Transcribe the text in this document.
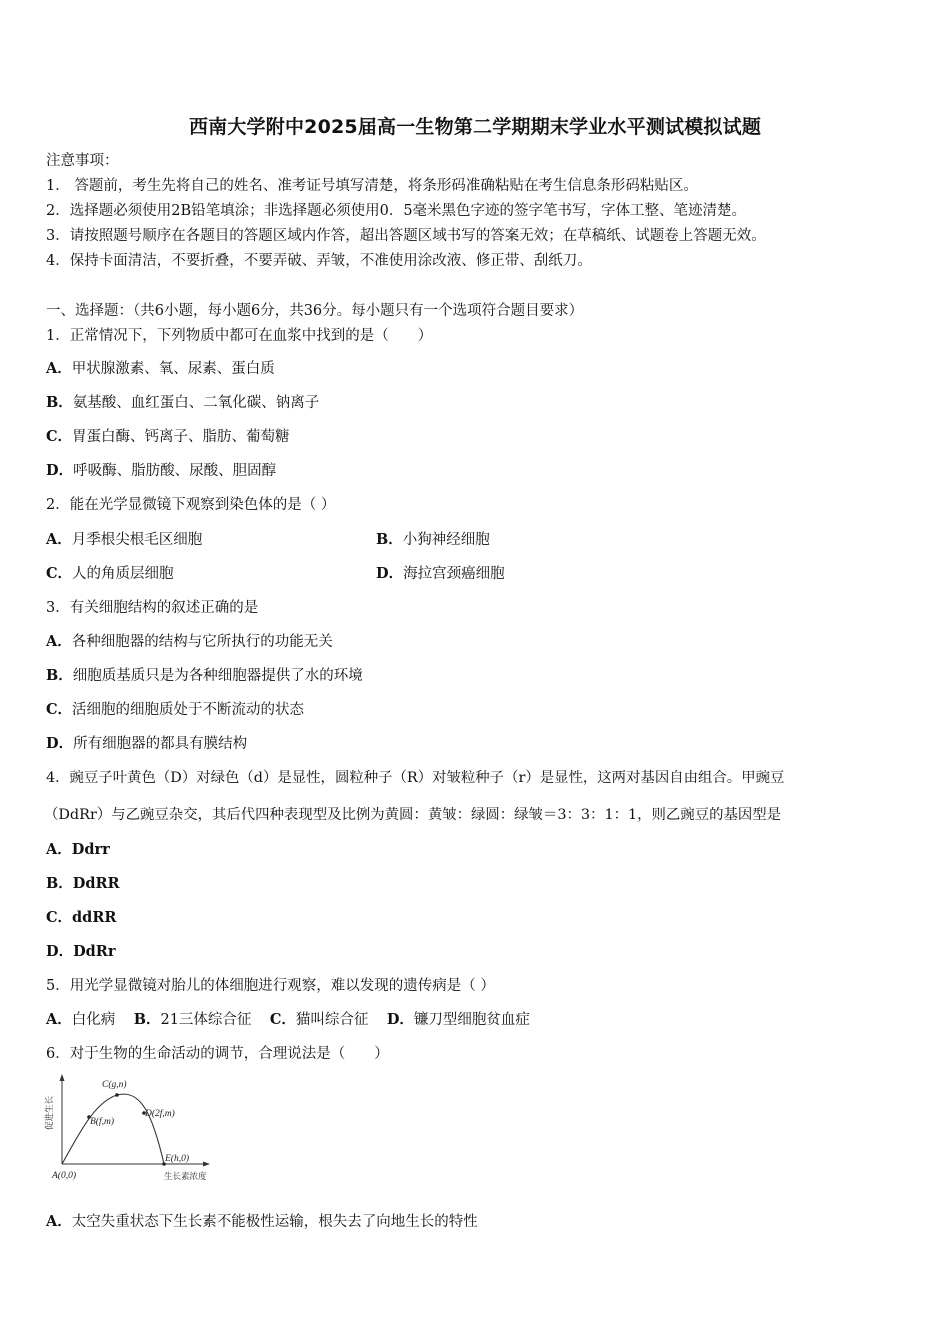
西南大学附中2025届高一生物第二学期期末学业水平测试模拟试题
注意事项：
1． 答题前，考生先将自己的姓名、准考证号填写清楚，将条形码准确粘贴在考生信息条形码粘贴区。
2．选择题必须使用2B铅笔填涂；非选择题必须使用0．5毫米黑色字迹的签字笔书写，字体工整、笔迹清楚。
3．请按照题号顺序在各题目的答题区域内作答，超出答题区域书写的答案无效；在草稿纸、试题卷上答题无效。
4．保持卡面清洁，不要折叠，不要弄破、弄皱，不准使用涂改液、修正带、刮纸刀。
一、选择题：（共6小题，每小题6分，共36分。每小题只有一个选项符合题目要求）
1．正常情况下，下列物质中都可在血浆中找到的是（　　）
A．甲状腺激素、氧、尿素、蛋白质
B．氨基酸、血红蛋白、二氧化碳、钠离子
C．胃蛋白酶、钙离子、脂肪、葡萄糖
D．呼吸酶、脂肪酸、尿酸、胆固醇
2．能在光学显微镜下观察到染色体的是（ ）
A．月季根尖根毛区细胞	B．小狗神经细胞
C．人的角质层细胞	D．海拉宫颈癌细胞
3．有关细胞结构的叙述正确的是
A．各种细胞器的结构与它所执行的功能无关
B．细胞质基质只是为各种细胞器提供了水的环境
C．活细胞的细胞质处于不断流动的状态
D．所有细胞器的都具有膜结构
4．豌豆子叶黄色（D）对绿色（d）是显性，圆粒种子（R）对皱粒种子（r）是显性，这两对基因自由组合。甲豌豆
（DdRr）与乙豌豆杂交，其后代四种表现型及比例为黄圆：黄皱：绿圆：绿皱＝3：3：1：1，则乙豌豆的基因型是
A．Ddrr
B．DdRR
C．ddRR
D．DdRr
5．用光学显微镜对胎儿的体细胞进行观察，难以发现的遗传病是（ ）
A．白化病 B．21三体综合征 C．猫叫综合征 D．镰刀型细胞贫血症
6．对于生物的生命活动的调节，合理说法是（　　）
促进生长
C(g,n)
B(f,m)
D(2f,m)
E(h,0)
A(0,0)	生长素浓度
A．太空失重状态下生长素不能极性运输，根失去了向地生长的特性
